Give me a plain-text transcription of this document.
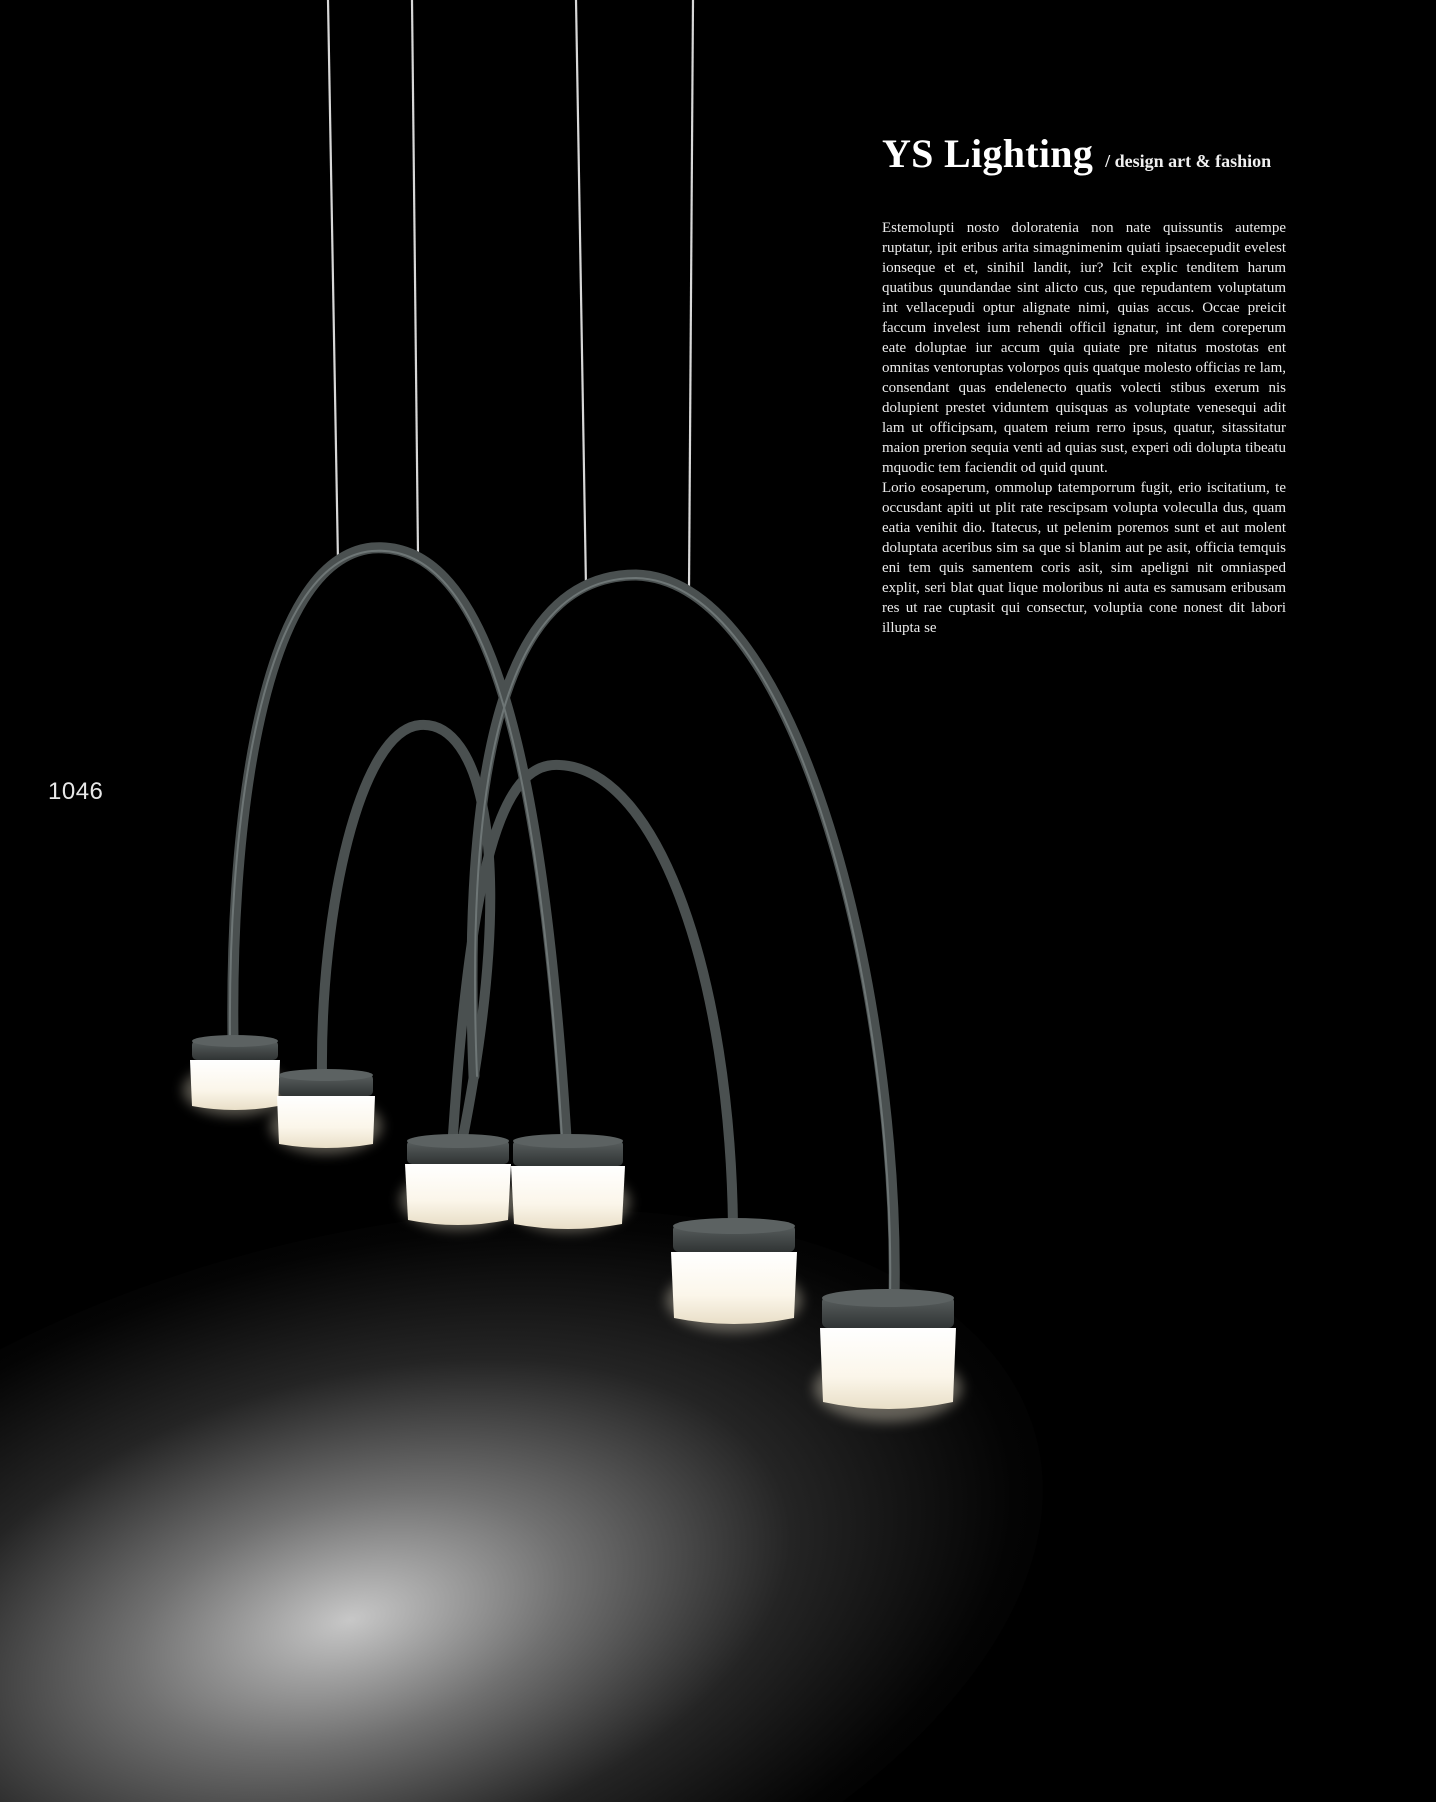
1046
YS Lighting / design art & fashion

Estemolupti nosto doloratenia non nate quissuntis autempe ruptatur, ipit eribus arita simagnimenim quiati ipsaecepudit evelest ionseque et et, sinihil landit, iur? Icit explic tenditem harum quatibus quundandae sint alicto cus, que repudantem voluptatum int vellacepudi optur alignate nimi, quias accus. Occae preicit faccum invelest ium rehendi officil ignatur, int dem coreperum eate doluptae iur accum quia quiate pre nitatus mostotas ent omnitas ventoruptas volorpos quis quatque molesto officias re lam, consendant quas endelenecto quatis volecti stibus exerum nis dolupient prestet viduntem quisquas as voluptate venesequi adit lam ut officipsam, quatem reium rerro ipsus, quatur, sitassitatur maion prerion sequia venti ad quias sust, experi odi dolupta tibeatu mquodic tem faciendit od quid quunt.

Lorio eosaperum, ommolup tatemporrum fugit, erio iscitatium, te occusdant apiti ut plit rate rescipsam volupta voleculla dus, quam eatia venihit dio. Itatecus, ut pelenim poremos sunt et aut molent doluptata aceribus sim sa que si blanim aut pe asit, officia temquis eni tem quis samentem coris asit, sim apeligni nit omniasped explit, seri blat quat lique moloribus ni auta es samusam eribusam res ut rae cuptasit qui consectur, voluptia cone nonest dit labori illupta se
